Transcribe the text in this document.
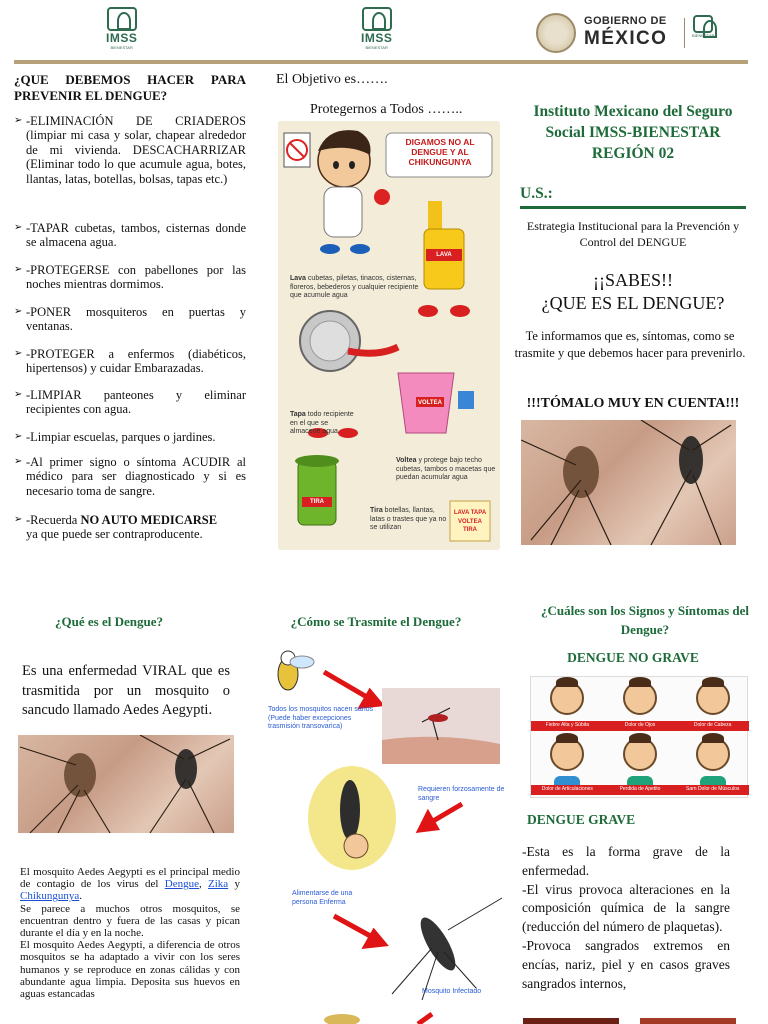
IMSS
BIENESTAR
IMSS
BIENESTAR
GOBIERNO DE
MÉXICO	BIENESTAR
¿QUE DEBEMOS HACER PARA PREVENIR EL DENGUE?
➢ -ELIMINACIÓN DE CRIADEROS (limpiar mi casa y solar, chapear alrededor de mi vivienda. DESCACHARRIZAR (Eliminar todo lo que acumule agua, botes, llantas, latas, botellas, bolsas, tapas etc.)
➢ -TAPAR cubetas, tambos, cisternas donde se almacena agua.
➢ -PROTEGERSE con pabellones por las noches mientras dormimos.
➢ -PONER mosquiteros en puertas y ventanas.
➢ -PROTEGER a enfermos (diabéticos, hipertensos) y cuidar Embarazadas.
➢ -LIMPIAR panteones y eliminar recipientes con agua.
➢ -Limpiar escuelas, parques o jardines.
➢ -Al primer signo o síntoma ACUDIR al médico para ser diagnosticado y si es necesario toma de sangre.
➢ -Recuerda NO AUTO MEDICARSE
ya que puede ser contraproducente.
El Objetivo es…….
Protegernos a Todos ……..
DIGAMOS NO AL DENGUE Y AL CHIKUNGUNYA
LAVA
Lava cubetas, piletas, tinacos, cisternas, floreros, bebederos y cualquier recipiente que acumule agua
Tapa todo recipiente en el que se almacene agua.
VOLTEA
Voltea y protege bajo techo cubetas, tambos o macetas que puedan acumular agua
TIRA
Tira botellas, llantas, latas o trastes que ya no se utilizan
LAVA TAPA VOLTEA TIRA
Instituto Mexicano del Seguro Social IMSS-BIENESTAR REGIÓN 02
U.S.:
Estrategia Institucional para la Prevención y Control del DENGUE
¡¡SABES!!
¿QUE ES EL DENGUE?
Te informamos que es, síntomas, como se trasmite y que debemos hacer para prevenirlo.
!!!TÓMALO MUY EN CUENTA!!!
¿Qué es el Dengue?
Es una enfermedad VIRAL que es trasmitida por un mosquito o sancudo llamado Aedes Aegypti.
El mosquito Aedes Aegypti es el principal medio de contagio de los virus del Dengue, Zika y Chikungunya.
Se parece a muchos otros mosquitos, se encuentran dentro y fuera de las casas y pican durante el día y en la noche.
El mosquito Aedes Aegypti, a diferencia de otros mosquitos se ha adaptado a vivir con los seres humanos y se reproduce en zonas cálidas y con abundante agua limpia. Deposita sus huevos en aguas estancadas
¿Cómo se Trasmite el Dengue?
Todos los mosquitos nacen sanos (Puede haber excepciones trasmisión transovarica)
Requieren forzosamente de sangre
Alimentarse de una persona Enferma
Mosquito Infectado
¿Cuáles son los Signos y Síntomas del Dengue?
DENGUE NO GRAVE
Fiebre Alta y Súbita	Dolor de Ojos	Dolor de Cabeza
Dolor de Articulaciones	Perdida de Apetito	Sarn Dolor de Músculos
DENGUE GRAVE
-Esta es la forma grave de la enfermedad.
-El virus provoca alteraciones en la composición química de la sangre (reducción del número de plaquetas).
-Provoca sangrados extremos en encías, nariz, piel y en casos graves sangrados internos,
